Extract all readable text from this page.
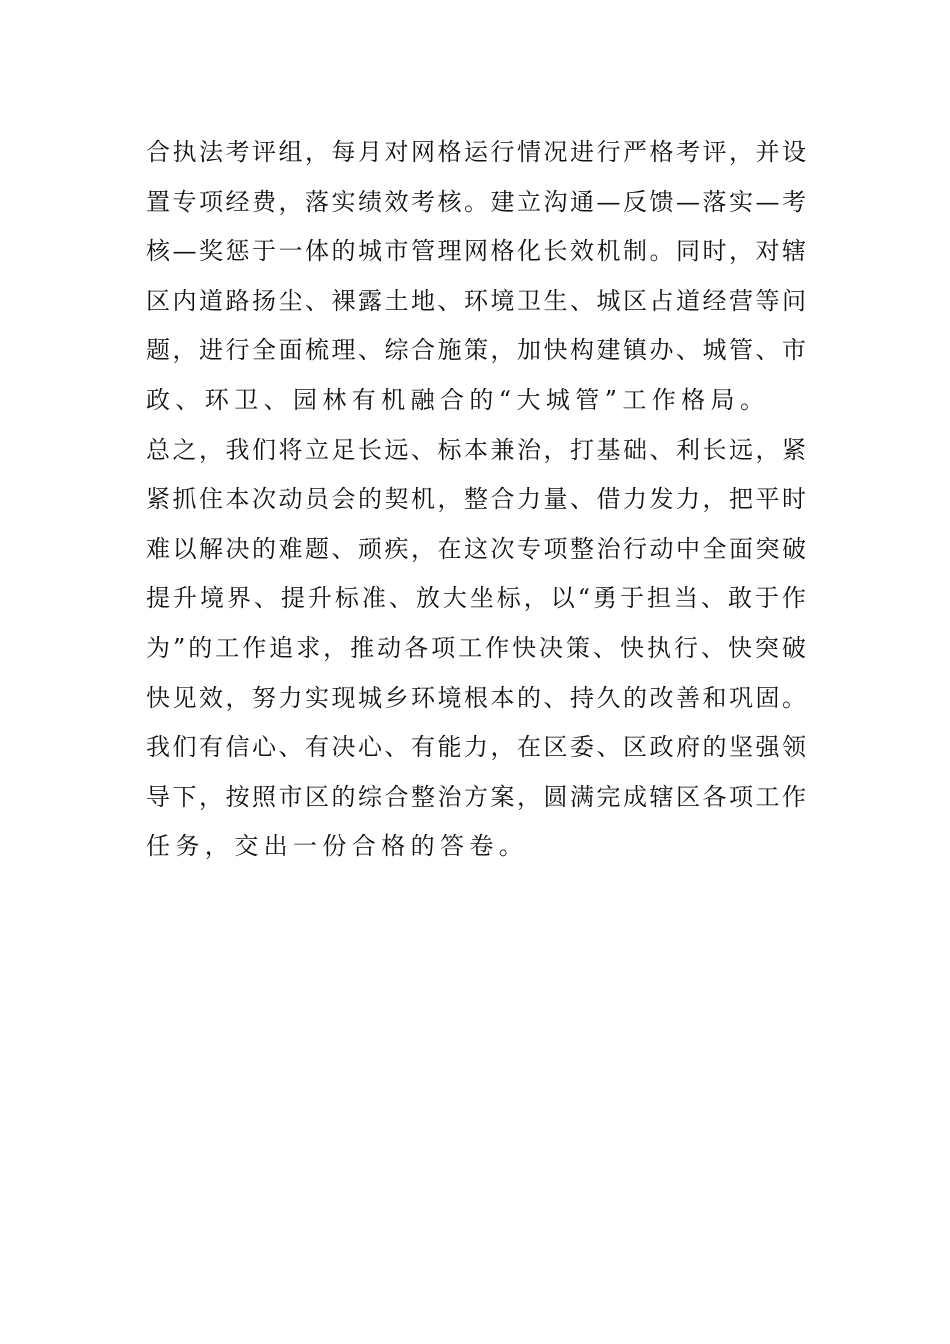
合 执 法 考 评 组 ， 每 月 对 网 格 运 行 情 况 进 行 严 格 考 评 ， 并 设
置 专 项 经 费 ， 落 实 绩 效 考 核 。 建 立 沟 通 — 反 馈 — 落 实 — 考
核 — 奖 惩 于 一 体 的 城 市 管 理 网 格 化 长 效 机 制 。 同 时 ， 对 辖
区 内 道 路 扬 尘 、 裸 露 土 地 、 环 境 卫 生 、 城 区 占 道 经 营 等 问
题 ， 进 行 全 面 梳 理 、 综 合 施 策 ， 加 快 构 建 镇 办 、 城 管 、 市
政、环卫、园林有机融合的“大城管”工作格局。
总 之 ， 我 们 将 立 足 长 远 、 标 本 兼 治 ， 打 基 础 、 利 长 远 ， 紧
紧 抓 住 本 次 动 员 会 的 契 机 ， 整 合 力 量 、 借 力 发 力 ， 把 平 时
难 以 解 决 的 难 题 、 顽 疾 ， 在 这 次 专 项 整 治 行 动 中 全 面 突 破
提 升 境 界 、 提 升 标 准 、 放 大 坐 标 ， 以 “ 勇 于 担 当 、 敢 于 作
为 ” 的 工 作 追 求 ， 推 动 各 项 工 作 快 决 策 、 快 执 行 、 快 突 破
快 见 效 ， 努 力 实 现 城 乡 环 境 根 本 的 、 持 久 的 改 善 和 巩 固 。
我 们 有 信 心 、 有 决 心 、 有 能 力 ， 在 区 委 、 区 政 府 的 坚 强 领
导 下 ， 按 照 市 区 的 综 合 整 治 方 案 ， 圆 满 完 成 辖 区 各 项 工 作
任务，交出一份合格的答卷。
